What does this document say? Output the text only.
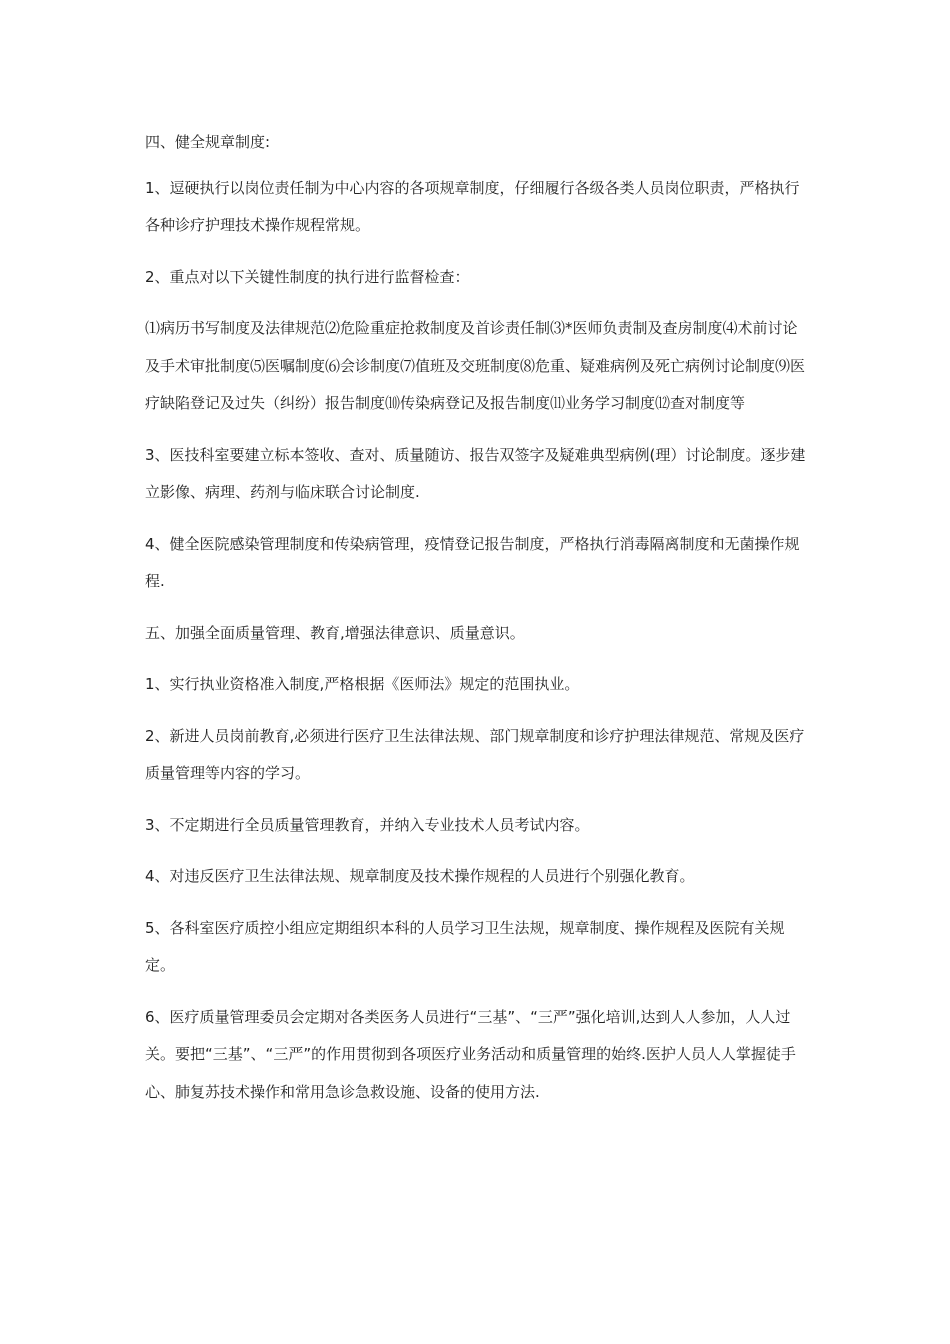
四、健全规章制度:

1、逗硬执行以岗位责任制为中心内容的各项规章制度，仔细履行各级各类人员岗位职责，严格执行各种诊疗护理技术操作规程常规。

2、重点对以下关键性制度的执行进行监督检查：

⑴病历书写制度及法律规范⑵危险重症抢救制度及首诊责任制⑶*医师负责制及查房制度⑷术前讨论及手术审批制度⑸医嘱制度⑹会诊制度⑺值班及交班制度⑻危重、疑难病例及死亡病例讨论制度⑼医疗缺陷登记及过失（纠纷）报告制度⑽传染病登记及报告制度⑾业务学习制度⑿查对制度等

3、医技科室要建立标本签收、查对、质量随访、报告双签字及疑难典型病例(理）讨论制度。逐步建立影像、病理、药剂与临床联合讨论制度.

4、健全医院感染管理制度和传染病管理，疫情登记报告制度，严格执行消毒隔离制度和无菌操作规程.

五、加强全面质量管理、教育,增强法律意识、质量意识。

1、实行执业资格准入制度,严格根据《医师法》规定的范围执业。

2、新进人员岗前教育,必须进行医疗卫生法律法规、部门规章制度和诊疗护理法律规范、常规及医疗质量管理等内容的学习。

3、不定期进行全员质量管理教育，并纳入专业技术人员考试内容。

4、对违反医疗卫生法律法规、规章制度及技术操作规程的人员进行个别强化教育。

5、各科室医疗质控小组应定期组织本科的人员学习卫生法规，规章制度、操作规程及医院有关规定。

6、医疗质量管理委员会定期对各类医务人员进行“三基”、“三严”强化培训,达到人人参加，人人过关。要把“三基”、“三严”的作用贯彻到各项医疗业务活动和质量管理的始终.医护人员人人掌握徒手心、肺复苏技术操作和常用急诊急救设施、设备的使用方法.
